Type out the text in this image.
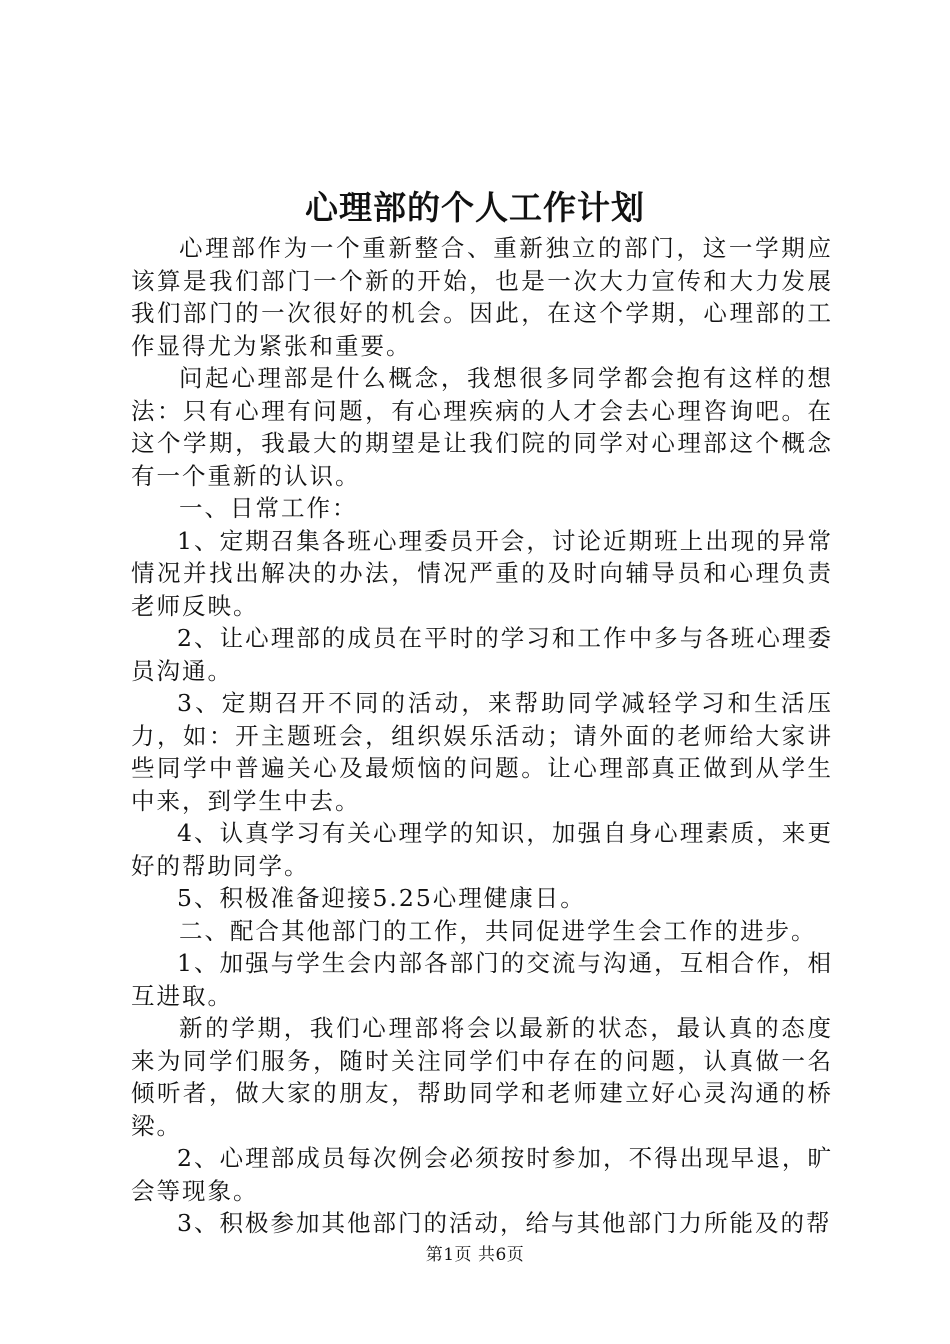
心理部的个人工作计划

心理部作为一个重新整合、重新独立的部门，这一学期应该算是我们部门一个新的开始，也是一次大力宣传和大力发展我们部门的一次很好的机会。因此，在这个学期，心理部的工作显得尤为紧张和重要。

问起心理部是什么概念，我想很多同学都会抱有这样的想法：只有心理有问题，有心理疾病的人才会去心理咨询吧。在这个学期，我最大的期望是让我们院的同学对心理部这个概念有一个重新的认识。

一、日常工作：

1、定期召集各班心理委员开会，讨论近期班上出现的异常情况并找出解决的办法，情况严重的及时向辅导员和心理负责老师反映。

2、让心理部的成员在平时的学习和工作中多与各班心理委员沟通。

3、定期召开不同的活动，来帮助同学减轻学习和生活压力，如：开主题班会，组织娱乐活动；请外面的老师给大家讲些同学中普遍关心及最烦恼的问题。让心理部真正做到从学生中来，到学生中去。

4、认真学习有关心理学的知识，加强自身心理素质，来更好的帮助同学。

5、积极准备迎接5.25心理健康日。

二、配合其他部门的工作，共同促进学生会工作的进步。

1、加强与学生会内部各部门的交流与沟通，互相合作，相互进取。

新的学期，我们心理部将会以最新的状态，最认真的态度来为同学们服务，随时关注同学们中存在的问题，认真做一名倾听者，做大家的朋友，帮助同学和老师建立好心灵沟通的桥梁。

2、心理部成员每次例会必须按时参加，不得出现早退，旷会等现象。

3、积极参加其他部门的活动，给与其他部门力所能及的帮

第1页 共6页
